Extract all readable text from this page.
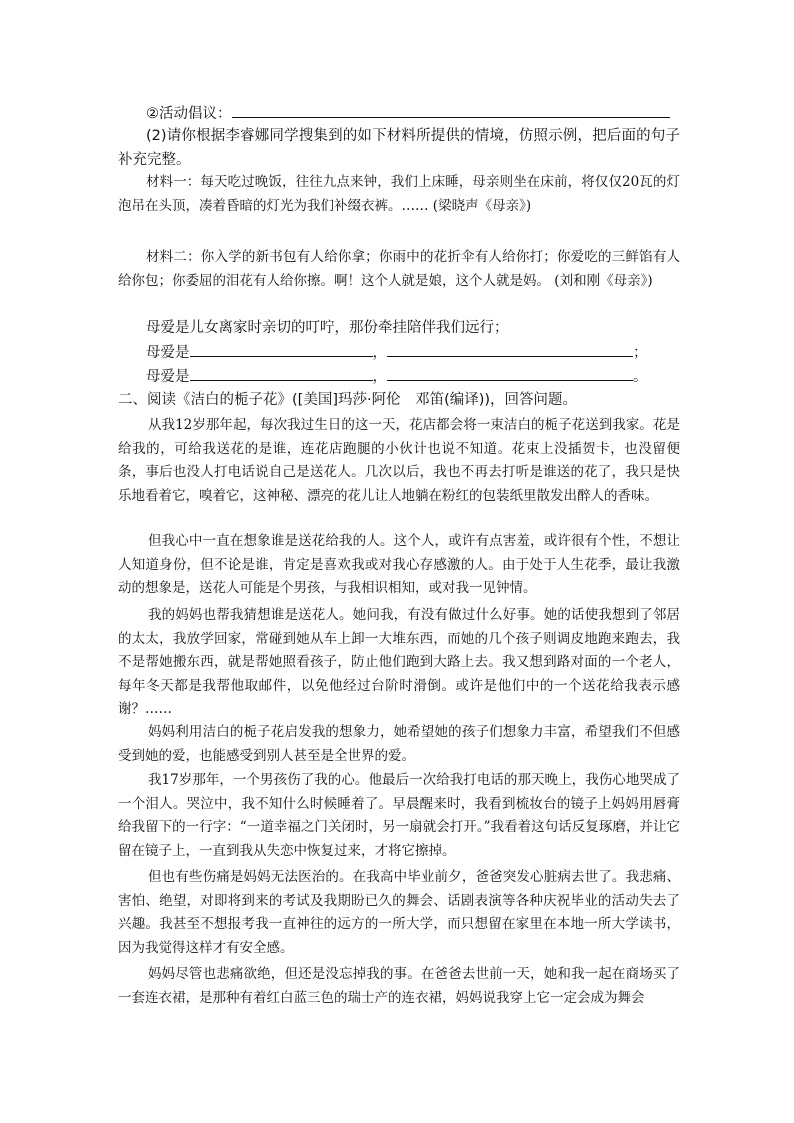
②活动倡议：
(2)请你根据李睿娜同学搜集到的如下材料所提供的情境，仿照示例，把后面的句子补充完整。
材料一：每天吃过晚饭，往往九点来钟，我们上床睡，母亲则坐在床前，将仅仅20瓦的灯泡吊在头顶，凑着昏暗的灯光为我们补缀衣裤。…… (梁晓声《母亲》)
材料二：你入学的新书包有人给你拿；你雨中的花折伞有人给你打；你爱吃的三鲜馅有人给你包；你委屈的泪花有人给你擦。啊！这个人就是娘，这个人就是妈。 (刘和刚《母亲》)
母爱是儿女离家时亲切的叮咛，那份牵挂陪伴我们远行；
母爱是	，	；
母爱是	，	。
二、阅读《洁白的栀子花》([美国]玛莎·阿伦　邓笛(编译))，回答问题。
从我12岁那年起，每次我过生日的这一天，花店都会将一束洁白的栀子花送到我家。花是给我的，可给我送花的是谁，连花店跑腿的小伙计也说不知道。花束上没插贺卡，也没留便条，事后也没人打电话说自己是送花人。几次以后，我也不再去打听是谁送的花了，我只是快乐地看着它，嗅着它，这神秘、漂亮的花儿让人地躺在粉红的包装纸里散发出醉人的香味。
但我心中一直在想象谁是送花给我的人。这个人，或许有点害羞，或许很有个性，不想让人知道身份，但不论是谁，肯定是喜欢我或对我心存感激的人。由于处于人生花季，最让我激动的想象是，送花人可能是个男孩，与我相识相知，或对我一见钟情。
我的妈妈也帮我猜想谁是送花人。她问我，有没有做过什么好事。她的话使我想到了邻居的太太，我放学回家，常碰到她从车上卸一大堆东西，而她的几个孩子则调皮地跑来跑去，我不是帮她搬东西，就是帮她照看孩子，防止他们跑到大路上去。我又想到路对面的一个老人，每年冬天都是我帮他取邮件，以免他经过台阶时滑倒。或许是他们中的一个送花给我表示感谢？……
妈妈利用洁白的栀子花启发我的想象力，她希望她的孩子们想象力丰富，希望我们不但感受到她的爱，也能感受到别人甚至是全世界的爱。
我17岁那年，一个男孩伤了我的心。他最后一次给我打电话的那天晚上，我伤心地哭成了一个泪人。哭泣中，我不知什么时候睡着了。早晨醒来时，我看到梳妆台的镜子上妈妈用唇膏给我留下的一行字：“一道幸福之门关闭时，另一扇就会打开。”我看着这句话反复琢磨，并让它留在镜子上，一直到我从失恋中恢复过来，才将它擦掉。
但也有些伤痛是妈妈无法医治的。在我高中毕业前夕，爸爸突发心脏病去世了。我悲痛、害怕、绝望，对即将到来的考试及我期盼已久的舞会、话剧表演等各种庆祝毕业的活动失去了兴趣。我甚至不想报考我一直神往的远方的一所大学，而只想留在家里在本地一所大学读书，因为我觉得这样才有安全感。
妈妈尽管也悲痛欲绝，但还是没忘掉我的事。在爸爸去世前一天，她和我一起在商场买了一套连衣裙，是那种有着红白蓝三色的瑞士产的连衣裙，妈妈说我穿上它一定会成为舞会
